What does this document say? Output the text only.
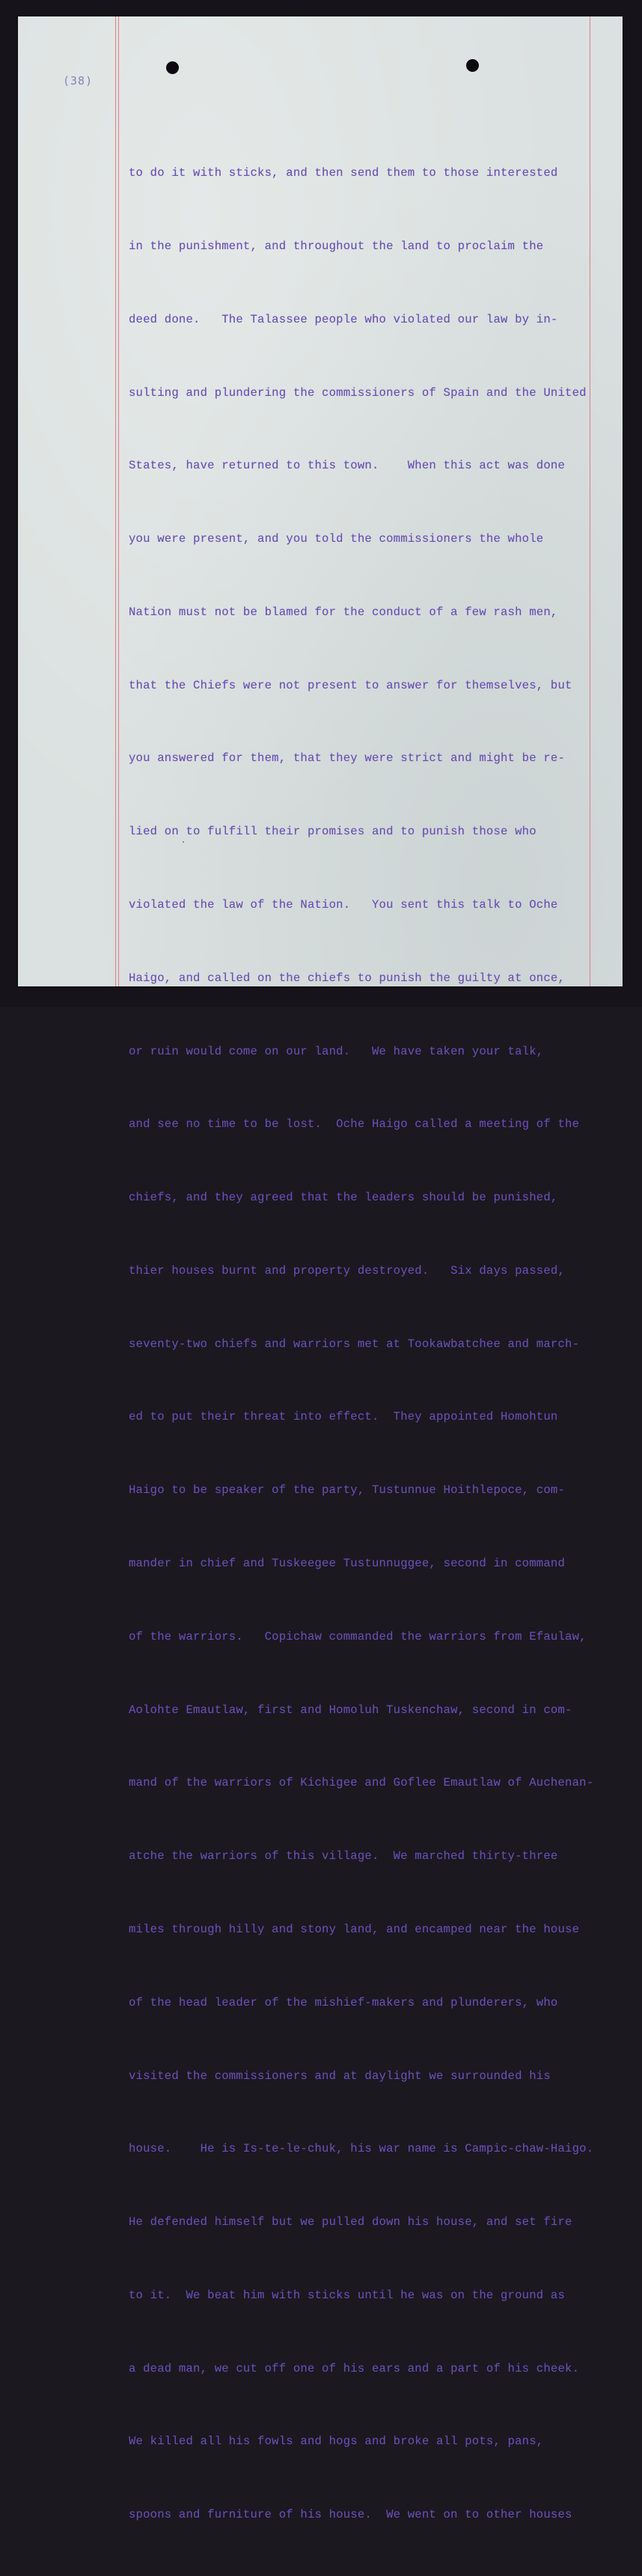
(38)

to do it with sticks, and then send them to those interested

in the punishment, and throughout the land to proclaim the

deed done.   The Talassee people who violated our law by in-

sulting and plundering the commissioners of Spain and the United

States, have returned to this town.    When this act was done

you were present, and you told the commissioners the whole

Nation must not be blamed for the conduct of a few rash men,

that the Chiefs were not present to answer for themselves, but

you answered for them, that they were strict and might be re-

lied on to fulfill their promises and to punish those who

violated the law of the Nation.   You sent this talk to Oche

Haigo, and called on the chiefs to punish the guilty at once,

or ruin would come on our land.   We have taken your talk,

and see no time to be lost.  Oche Haigo called a meeting of the

chiefs, and they agreed that the leaders should be punished,

thier houses burnt and property destroyed.   Six days passed,

seventy-two chiefs and warriors met at Tookawbatchee and march-

ed to put their threat into effect.  They appointed Homohtun

Haigo to be speaker of the party, Tustunnue Hoithlepoce, com-

mander in chief and Tuskeegee Tustunnuggee, second in command

of the warriors.   Copichaw commanded the warriors from Efaulaw,

Aolohte Emautlaw, first and Homoluh Tuskenchaw, second in com-

mand of the warriors of Kichigee and Goflee Emautlaw of Auchenan-

atche the warriors of this village.  We marched thirty-three

miles through hilly and stony land, and encamped near the house

of the head leader of the mishief-makers and plunderers, who

visited the commissioners and at daylight we surrounded his

house.    He is Is-te-le-chuk, his war name is Campic-chaw-Haigo.

He defended himself but we pulled down his house, and set fire

to it.  We beat him with sticks until he was on the ground as

a dead man, we cut off one of his ears and a part of his cheek.

We killed all his fowls and hogs and broke all pots, pans,

spoons and furniture of his house.  We went on to other houses
